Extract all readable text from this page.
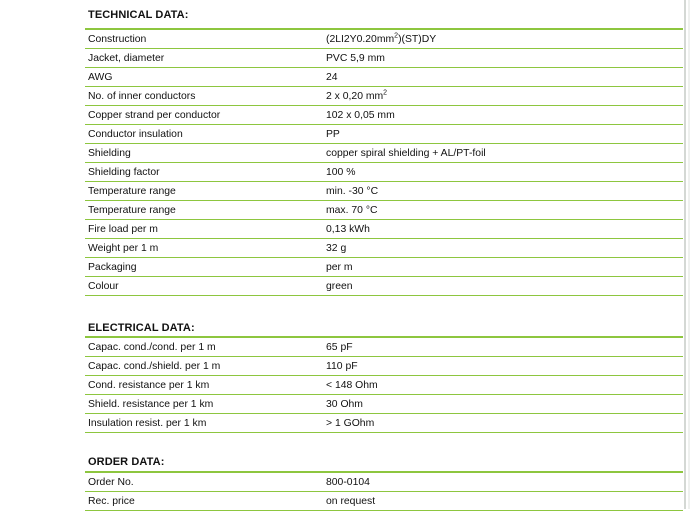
TECHNICAL DATA:
Construction	$(2LI2Y0.20mm^2)(ST)DY$
Jacket, diameter	PVC 5,9 mm
AWG	24
No. of inner conductors	2 x 0,20 $mm^2$
Copper strand per conductor	102 x 0,05 mm
Conductor insulation	PP
Shielding	copper spiral shielding + AL/PT-foil
Shielding factor	100 %
Temperature range	min. -30 °C
Temperature range	max. 70 °C
Fire load per m	0,13 kWh
Weight per 1 m	32 g
Packaging	per m
Colour	green
ELECTRICAL DATA:
Capac. cond./cond. per 1 m	65 pF
Capac. cond./shield. per 1 m	110 pF
Cond. resistance per 1 km	< 148 Ohm
Shield. resistance per 1 km	30 Ohm
Insulation resist. per 1 km	> 1 GOhm
ORDER DATA:
Order No.	800-0104
Rec. price	on request
